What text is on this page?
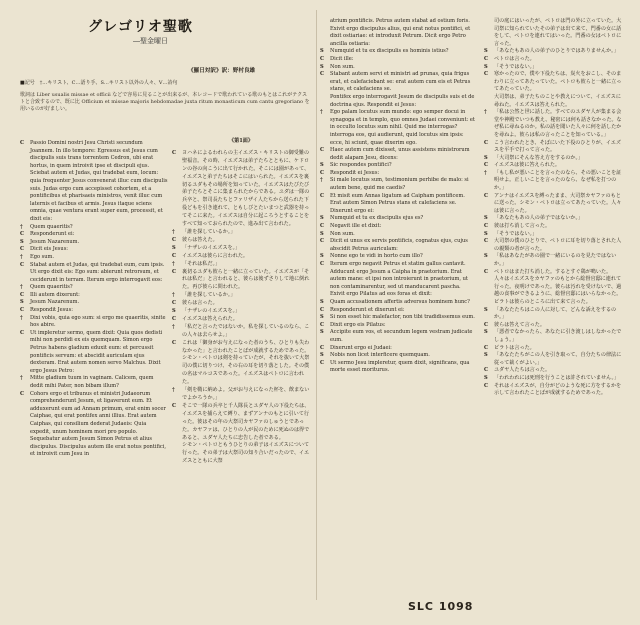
グレゴリオ聖歌
―聖金曜日
《羅日対訳》訳：野村良雄
■記号　†…キリスト、C…語り手、S…キリスト以外の人々、V…詩句
歌詞は Liber usualis missae et officii などで容易に見ることが出来るが、本レコードで歌われている歌のもとはこれがテクストと合致するので、既に比 Officium et missae majoris hebdomadae juxta ritum monasticum cum cantu gregoriano を用いるのが好ましい。
《第1面》
C	ヨハネによるわれらの主イエズス・キリストの御受難の聖福音。その時、イエズスは弟子たちとともに、ケドロンの谷の向こうに出て行かれた。そこには園があって、イエズスと弟子たちはそこにはいられた。イエズスを裏切るユダもその場所を知っていた。イエズスはたびたび弟子たちとそこに集まられたからである。ユダは一隊の兵卒と、祭司長たちとファリザイ人たちから送られた下役どもを引き連れて、ともしびとたいまつと武器を持ってそこに来た。イエズスは自分に起ころうとすることをすべて知っておられたので、進み出て言われた。
†	「誰を探しているか。」
C	彼らは答えた。
S	「ナザレのイエズスを。」
C	イエズスは彼らに言われた。
†	「それは私だ。」
C	裏切るユダも彼らと一緒に立っていた。イエズスが「それは私だ」と言われると、彼らは後ずさりして地に倒れた。再び彼らに問われた。
†	「誰を探しているか。」
C	彼らは言った。
S	「ナザレのイエズスを。」
C	イエズスは答えられた。
†	「私だと言ったではないか。私を探しているのなら、この人々は去らせよ。」
C	これは「御身がお与えになった者のうち、ひとりも失わなかった」と言われたことばが成就するためであった。シモン・ペトロは剣を持っていたが、それを抜いて大祭司の僕に切りつけ、その右の耳を切り落とした。その僕の名はマルコスであった。イエズスはペトロに言われた。
†	「剣を鞘に納めよ。父がお与えになった杯を、飲まないでよかろうか。」
C	そこで一隊の兵卒と千人隊長とユダヤ人の下役たちは、イエズスを捕らえて縛り、まずアンナのもとに引いて行った。彼はその年の大祭司カヤファのしゅうとであった。カヤファは、ひとりの人が民のために死ぬのは得であると、ユダヤ人たちに忠告した者である。
シモン・ペトロともうひとりの弟子はイエズスについて行った。その弟子は大祭司の知り合いだったので、イエズスとともに大祭
C	Passio Domini nostri Jesu Christi secundum Joannem. In illo tempore: Egressus est Jesus cum discipulis suis trans torrentem Cedron, ubi erat hortus, in quem introivit ipse et discipuli ejus. Sciebat autem et Judas, qui tradebat eum, locum: quia frequenter Jesus convenerat illuc cum discipulis suis. Judas ergo cum accepisset cohortem, et a pontificibus et pharisaeis ministros, venit illuc cum laternis et facibus et armis. Jesus itaque sciens omnia, quae ventura erant super eum, processit, et dixit eis:
†	Quem quaeritis?
C	Responderunt ei:
S	Jesum Nazarenum.
C	Dicit eis Jesus:
†	Ego sum.
C	Stabat autem et Judas, qui tradebat eum, cum ipsis. Ut ergo dixit eis: Ego sum: abierunt retrorsum, et ceciderunt in terram. Iterum ergo interrogavit eos:
†	Quem quaeritis?
C	Illi autem dixerunt:
S	Jesum Nazarenum.
C	Respondit Jesus:
†	Dixi vobis, quia ego sum: si ergo me quaeritis, sinite hos abire.
C	Ut impleretur sermo, quem dixit: Quia quos dedisti mihi non perdidi ex eis quemquam. Simon ergo Petrus habens gladium eduxit eum: et percussit pontificis servum: et abscidit auriculam ejus dexteram. Erat autem nomen servo Malchus. Dixit ergo Jesus Petro:
†	Mitte gladium tuum in vaginam. Calicem, quem dedit mihi Pater, non bibam illum?
C	Cohors ergo et tribunus et ministri Judaeorum comprehenderunt Jesum, et ligaverunt eum. Et adduxerunt eum ad Annam primum, erat enim socer Caiphae, qui erat pontifex anni illius. Erat autem Caiphas, qui consilium dederat Judaeis: Quia expedit, unum hominem mori pro populo.
Sequebatur autem Jesum Simon Petrus et alius discipulus. Discipulus autem ille erat notus pontifici, et introivit cum Jesu in
atrium pontificis. Petrus autem stabat ad ostium foris. Exivit ergo discipulus alius, qui erat notus pontifici, et dixit ostiariae: et introduxit Petrum. Dicit ergo Petro ancilla ostiaria:
S	Numquid et tu ex discipulis es hominis istius?
C	Dicit ille:
S	Non sum.
C	Stabant autem servi et ministri ad prunas, quia frigus erat, et calefaciebant se: erat autem cum eis et Petrus stans, et calefaciens se.
Pontifex ergo interrogavit Jesum de discipulis suis et de doctrina ejus. Respondit ei Jesus:
†	Ego palam locutus sum mundo: ego semper docui in synagoga et in templo, quo omnes Judaei conveniunt: et in occulto locutus sum nihil. Quid me interrogas? interroga eos, qui audierunt, quid locutus sim ipsis: ecce, hi sciunt, quae dixerim ego.
C	Haec autem cum dixisset, unus assistens ministrorum dedit alapam Jesu, dicens:
S	Sic respondes pontifici?
C	Respondit ei Jesus:
†	Si male locutus sum, testimonium perhibe de malo: si autem bene, quid me caedis?
C	Et misit eum Annas ligatum ad Caipham pontificem. Erat autem Simon Petrus stans et calefaciens se. Dixerunt ergo ei:
S	Numquid et tu ex discipulis ejus es?
C	Negavit ille et dixit:
S	Non sum.
C	Dicit ei unus ex servis pontificis, cognatus ejus, cujus abscidit Petrus auriculam:
S	Nonne ego te vidi in horto cum illo?
C	Iterum ergo negavit Petrus et statim gallus cantavit.
Adducunt ergo Jesum a Caipha in praetorium. Erat autem mane: et ipsi non introierunt in praetorium, ut non contaminarentur, sed ut manducarent pascha. Exivit ergo Pilatus ad eos foras et dixit:
S	Quam accusationem affertis adversus hominem hunc?
C	Responderunt et dixerunt ei:
S	Si non esset hic malefactor, non tibi tradidissemus eum.
C	Dixit ergo eis Pilatus:
S	Accipite eum vos, et secundum legem vestram judicate eum.
C	Dixerunt ergo ei Judaei:
S	Nobis non licet interficere quemquam.
C	Ut sermo Jesu impleretur, quem dixit, significans, qua morte esset moriturus.
司の庭にはいったが、ペトロは門の外に立っていた。大司祭に知られていたその弟子は出て来て、門番の女に話をして、ペトロを連れてはいった。門番の女はペトロに言った。
S	「あなたもあの人の弟子のひとりではありませんか。」
C	ペトロは言った。
S	「そうではない。」
C	寒かったので、僕や下役たちは、炭火をおこし、そのまわりに立ってあたっていた。ペトロも彼らと一緒に立ってあたっていた。
大司祭は、弟子たちのことや教えについて、イエズスに尋ねた。イエズスは答えられた。
†	「私は公然と世に話した。すべてのユダヤ人が集まる会堂や神殿でいつも教え、秘密には何も話さなかった。なぜ私に尋ねるのか。私の話を聞いた人々に何を話したかを尋ねよ。彼らは私の言ったことを知っている。」
C	こう言われたとき、そばにいた下役のひとりが、イエズスを平手で打って言った。
S	「大司祭にそんな答え方をするのか。」
C	イエズスは彼に答えられた。
†	「もし私が悪いことを言ったのなら、その悪いことを証明せよ。正しいことを言ったのなら、なぜ私を打つのか。」
C	アンナはイエズスを縛ったまま、大司祭カヤファのもとに送った。シモン・ペトロは立ってあたっていた。人々は彼に言った。
S	「あなたもあの人の弟子ではないか。」
C	彼は打ち消して言った。
S	「そうではない。」
C	大司祭の僕のひとりで、ペトロに耳を切り落とされた人の親類の者が言った。
S	「私はあなたがあの園で一緒にいるのを見たではないか。」
C	ペトロはまた打ち消した。するとすぐ鶏が鳴いた。
人々はイエズスをカヤファのもとから総督官邸に連れて行った。夜明けであった。彼らは汚れを受けないで、過越の食事ができるように、総督官邸にはいらなかった。ピラトは彼らのところに出て来て言った。
S	「あなたたちはこの人に対して、どんな訴えをするのか。」
C	彼らは答えて言った。
S	「悪者でなかったら、あなたに引き渡しはしなかったでしょう。」
C	ピラトは言った。
S	「あなたたちがこの人を引き取って、自分たちの律法に従って裁くがよい。」
C	ユダヤ人たちは言った。
S	「われわれには死刑を行うことは許されていません。」
C	それはイエズスが、自分がどのような死に方をするかを示して言われたことばが成就するためであった。
SLC 1098
